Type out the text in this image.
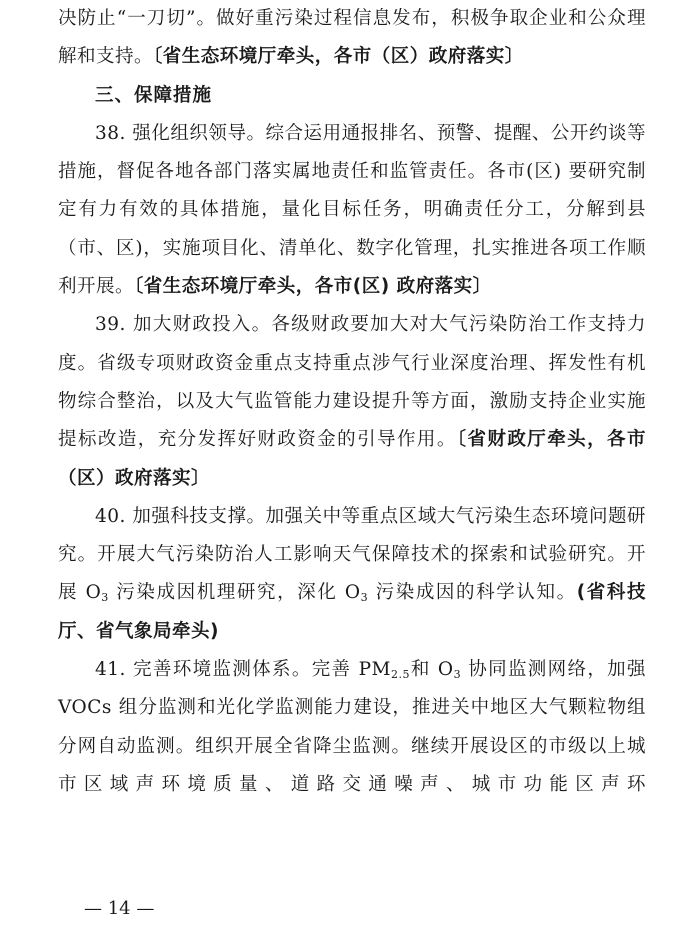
决防止“一刀切”。做好重污染过程信息发布，积极争取企业和公众理解和支持。〔省生态环境厅牵头，各市（区）政府落实〕

三、保障措施

38. 强化组织领导。综合运用通报排名、预警、提醒、公开约谈等措施，督促各地各部门落实属地责任和监管责任。各市(区) 要研究制定有力有效的具体措施，量化目标任务，明确责任分工，分解到县（市、区)，实施项目化、清单化、数字化管理，扎实推进各项工作顺利开展。〔省生态环境厅牵头，各市(区) 政府落实〕

39. 加大财政投入。各级财政要加大对大气污染防治工作支持力度。省级专项财政资金重点支持重点涉气行业深度治理、挥发性有机物综合整治，以及大气监管能力建设提升等方面，激励支持企业实施提标改造，充分发挥好财政资金的引导作用。〔省财政厅牵头，各市（区）政府落实〕

40. 加强科技支撑。加强关中等重点区域大气污染生态环境问题研究。开展大气污染防治人工影响天气保障技术的探索和试验研究。开展 $O_3$ 污染成因机理研究，深化 $O_3$ 污染成因的科学认知。(省科技厅、省气象局牵头)

41. 完善环境监测体系。完善 $PM_{2.5}$和 $O_3$ 协同监测网络，加强 VOCs 组分监测和光化学监测能力建设，推进关中地区大气颗粒物组分网自动监测。组织开展全省降尘监测。继续开展设区的市级以上城市区域声环境质量、道路交通噪声、城市功能区声环

— 14 —
